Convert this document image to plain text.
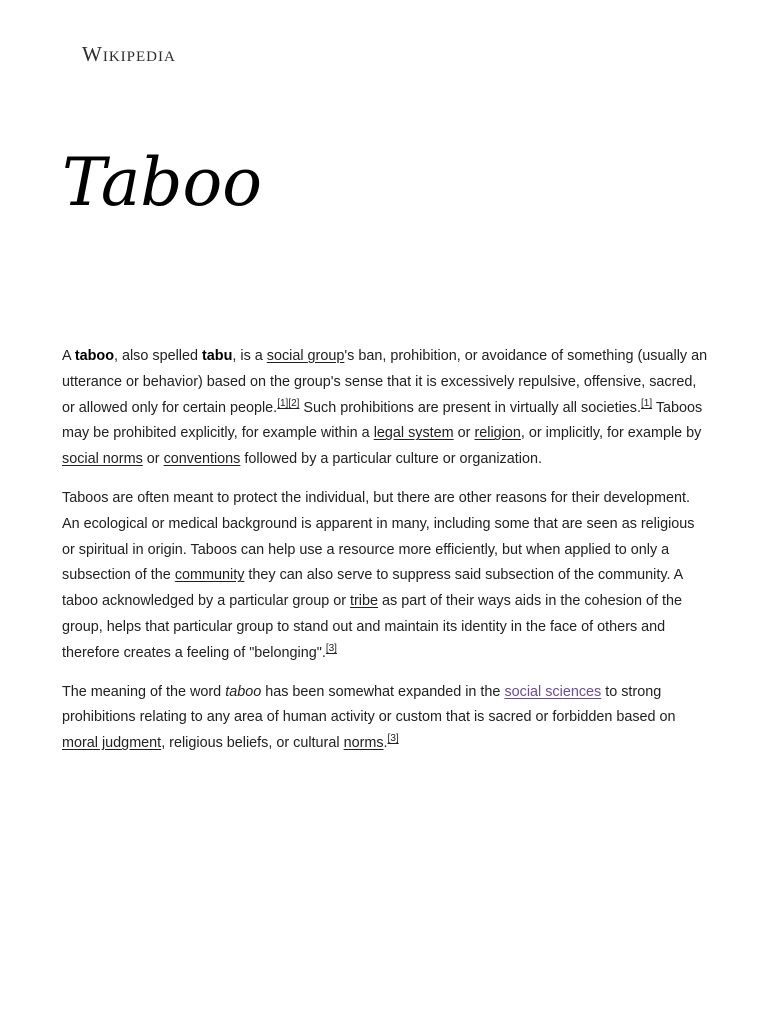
Wikipedia
Taboo

A taboo, also spelled tabu, is a social group's ban, prohibition, or avoidance of something (usually an utterance or behavior) based on the group's sense that it is excessively repulsive, offensive, sacred, or allowed only for certain people.[1][2] Such prohibitions are present in virtually all societies.[1] Taboos may be prohibited explicitly, for example within a legal system or religion, or implicitly, for example by social norms or conventions followed by a particular culture or organization.

Taboos are often meant to protect the individual, but there are other reasons for their development. An ecological or medical background is apparent in many, including some that are seen as religious or spiritual in origin. Taboos can help use a resource more efficiently, but when applied to only a subsection of the community they can also serve to suppress said subsection of the community. A taboo acknowledged by a particular group or tribe as part of their ways aids in the cohesion of the group, helps that particular group to stand out and maintain its identity in the face of others and therefore creates a feeling of "belonging".[3]

The meaning of the word taboo has been somewhat expanded in the social sciences to strong prohibitions relating to any area of human activity or custom that is sacred or forbidden based on moral judgment, religious beliefs, or cultural norms.[3]
